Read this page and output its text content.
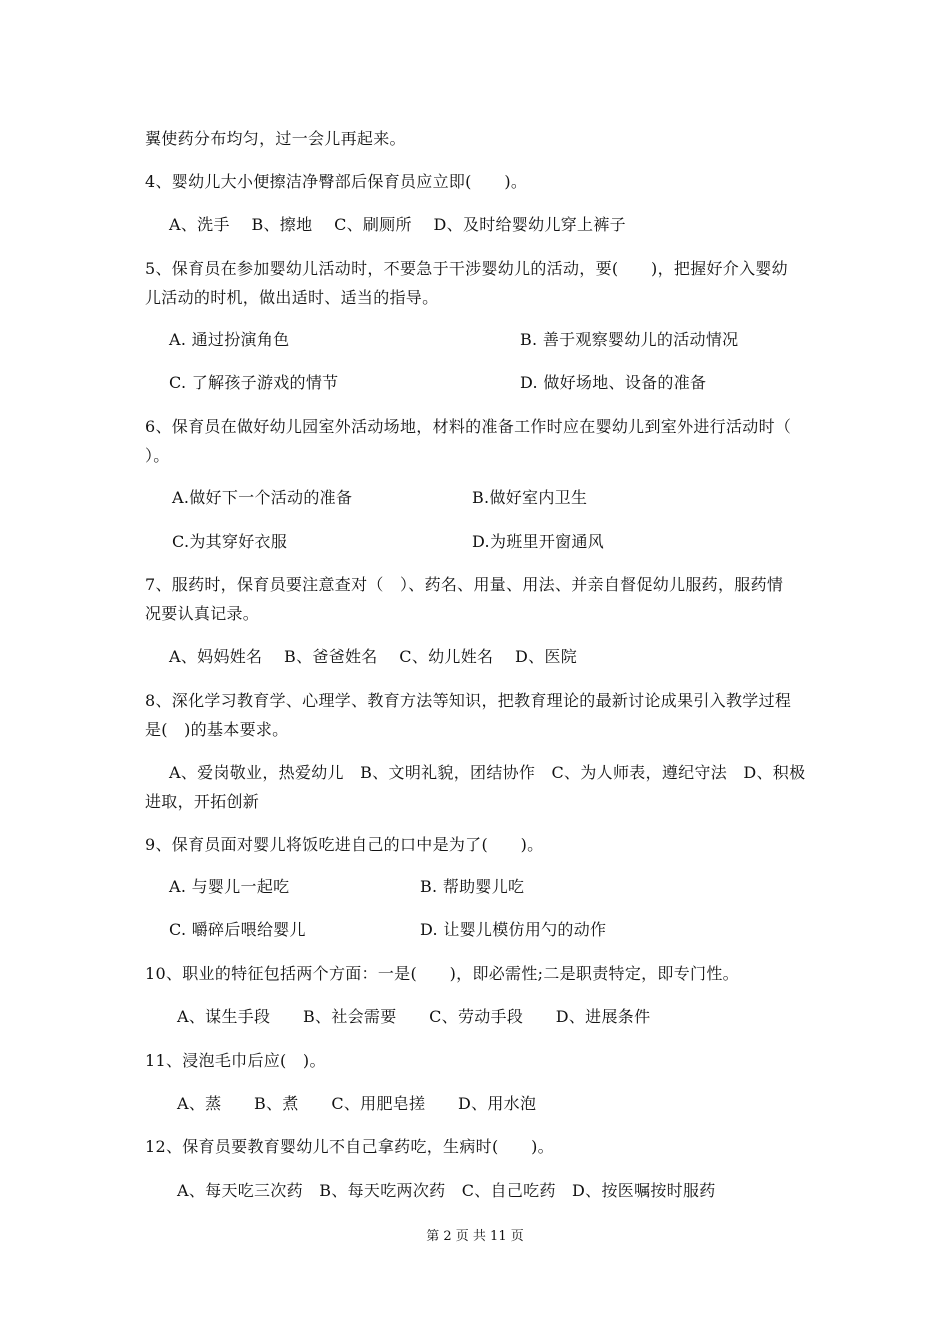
翼使药分布均匀，过一会儿再起来。
4、婴幼儿大小便擦洁净臀部后保育员应立即(　　)。
A、洗手　 B、擦地　 C、刷厕所　 D、及时给婴幼儿穿上裤子
5、保育员在参加婴幼儿活动时，不要急于干涉婴幼儿的活动，要(　　)，把握好介入婴幼
儿活动的时机，做出适时、适当的指导。
A. 通过扮演角色	B. 善于观察婴幼儿的活动情况
C. 了解孩子游戏的情节	D. 做好场地、设备的准备
6、保育员在做好幼儿园室外活动场地，材料的准备工作时应在婴幼儿到室外进行活动时（
）。
A.做好下一个活动的准备	B.做好室内卫生
C.为其穿好衣服	D.为班里开窗通风
7、服药时，保育员要注意查对（　）、药名、用量、用法、并亲自督促幼儿服药，服药情
况要认真记录。
A、妈妈姓名　 B、爸爸姓名　 C、幼儿姓名　 D、医院
8、深化学习教育学、心理学、教育方法等知识，把教育理论的最新讨论成果引入教学过程
是(　)的基本要求。
A、爱岗敬业，热爱幼儿　B、文明礼貌，团结协作　C、为人师表，遵纪守法　D、积极
进取，开拓创新
9、保育员面对婴儿将饭吃进自己的口中是为了(　　)。
A. 与婴儿一起吃	B. 帮助婴儿吃
C. 嚼碎后喂给婴儿	D. 让婴儿模仿用勺的动作
10、职业的特征包括两个方面：一是(　　)，即必需性;二是职责特定，即专门性。
A、谋生手段　　B、社会需要　　C、劳动手段　　D、进展条件
11、浸泡毛巾后应(　)。
A、蒸　　B、煮　　C、用肥皂搓　　D、用水泡
12、保育员要教育婴幼儿不自己拿药吃，生病时(　　)。
A、每天吃三次药　B、每天吃两次药　C、自己吃药　D、按医嘱按时服药
第 2 页 共 11 页
